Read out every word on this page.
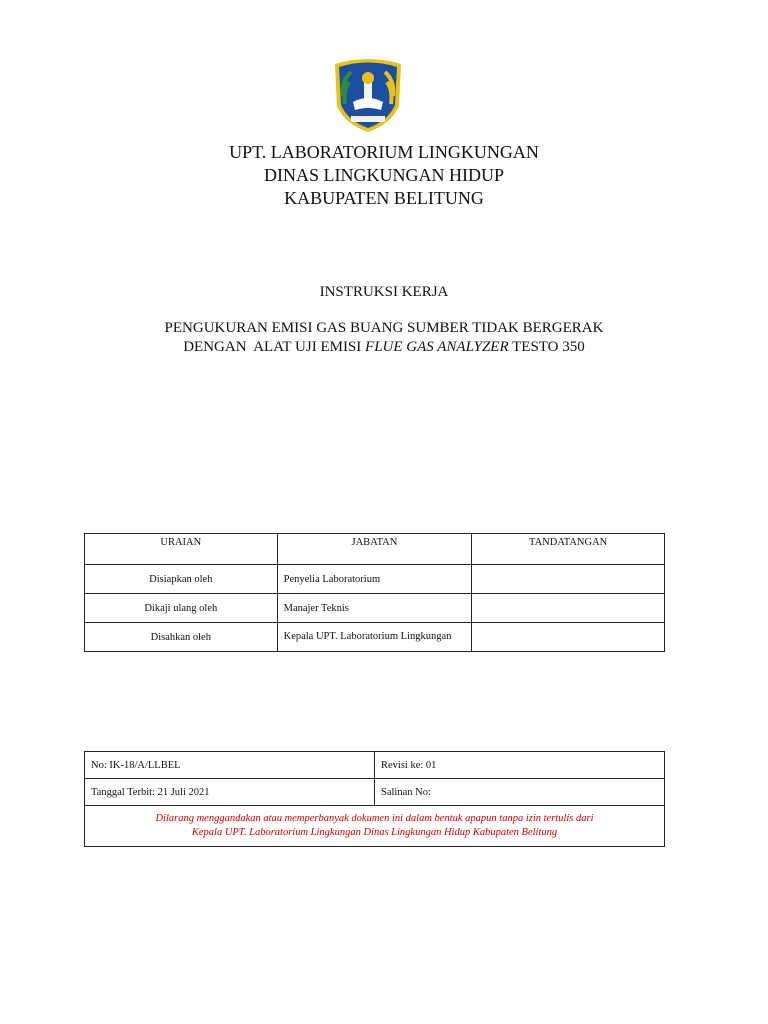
UPT. LABORATORIUM LINGKUNGAN
DINAS LINGKUNGAN HIDUP
KABUPATEN BELITUNG
INSTRUKSI KERJA
PENGUKURAN EMISI GAS BUANG SUMBER TIDAK BERGERAK
DENGAN  ALAT UJI EMISI FLUE GAS ANALYZER TESTO 350
URAIAN	JABATAN	TANDATANGAN
Disiapkan oleh	Penyelia Laboratorium	
Dikaji ulang oleh	Manajer Teknis	
Disahkan oleh	Kepala UPT. Laboratorium Lingkungan	
No: IK-18/A/LLBEL	Revisi ke: 01
Tanggal Terbit: 21 Juli 2021	Salinan No:

Dilarang menggandakan atau memperbanyak dokumen ini dalam bentuk apapun tanpa izin tertulis dari
Kepala UPT. Laboratorium Lingkungan Dinas Lingkungan Hidup Kabupaten Belitung	
